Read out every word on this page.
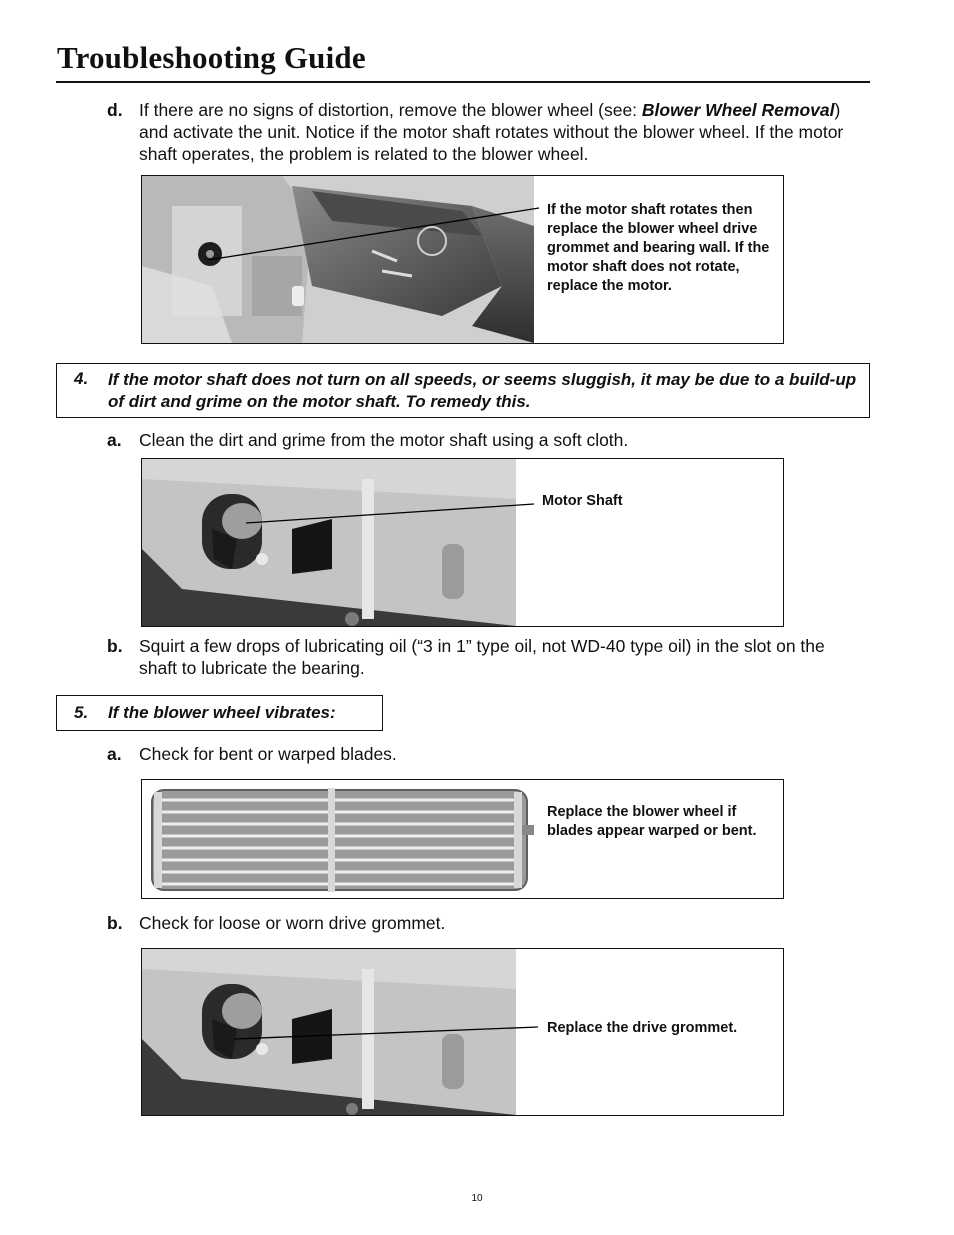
Troubleshooting Guide
d. If there are no signs of distortion, remove the blower wheel (see: Blower Wheel Removal) and activate the unit. Notice if the motor shaft rotates without the blower wheel. If the motor shaft operates, the problem is related to the blower wheel.
If the motor shaft rotates then replace the blower wheel drive grommet and bearing wall. If the motor shaft does not rotate, replace the motor.
4. If the motor shaft does not turn on all speeds, or seems sluggish, it may be due to a build-up of dirt and grime on the motor shaft. To remedy this.
a. Clean the dirt and grime from the motor shaft using a soft cloth.
Motor Shaft
b. Squirt a few drops of lubricating oil (“3 in 1” type oil, not WD-40 type oil) in the slot on the shaft to lubricate the bearing.
5. If the blower wheel vibrates:
a. Check for bent or warped blades.
Replace the blower wheel if blades appear warped or bent.
b. Check for loose or worn drive grommet.
Replace the drive grommet.
10
